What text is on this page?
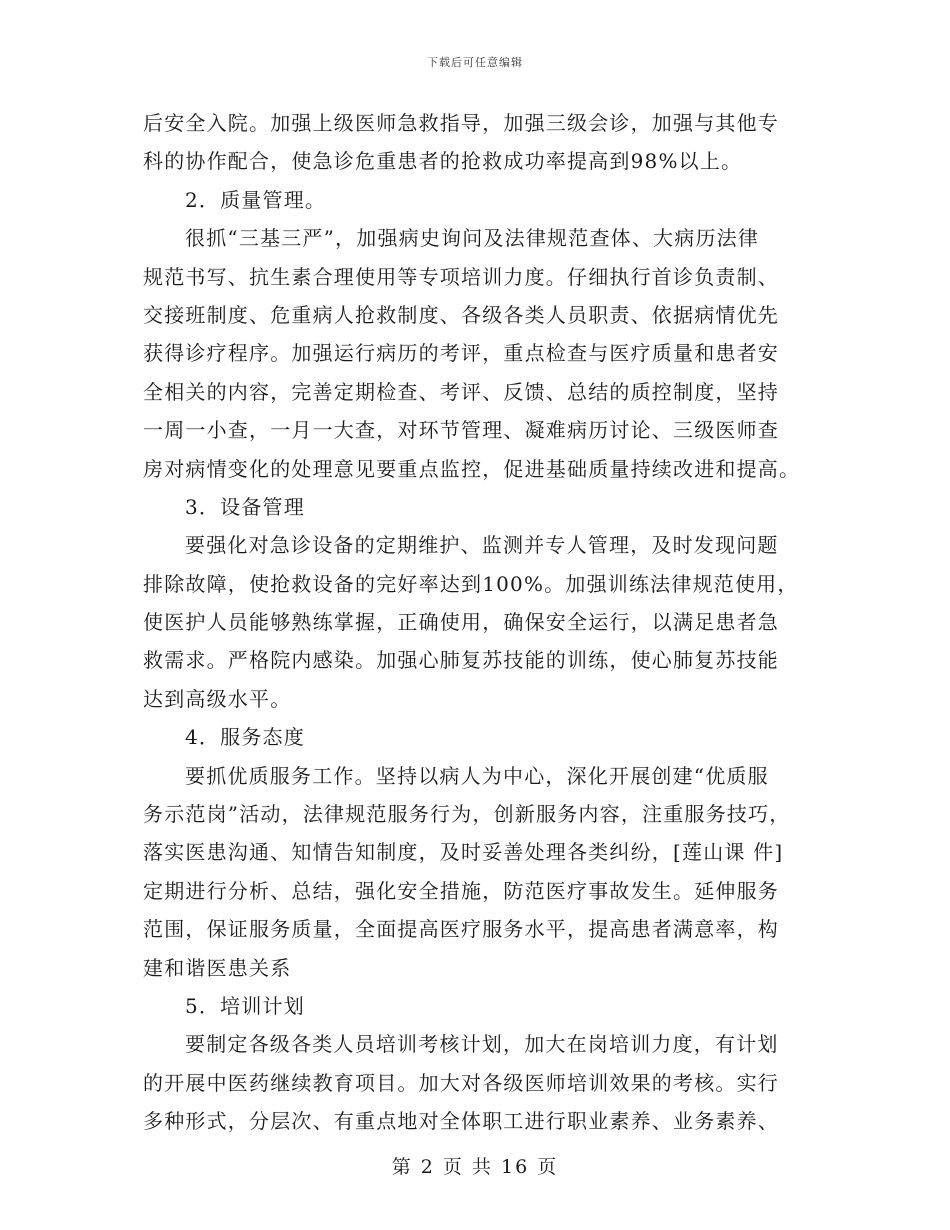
下载后可任意编辑
后安全入院。加强上级医师急救指导，加强三级会诊，加强与其他专
科的协作配合，使急诊危重患者的抢救成功率提高到98%以上。
2．质量管理。
很抓“三基三严”，加强病史询问及法律规范查体、大病历法律
规范书写、抗生素合理使用等专项培训力度。仔细执行首诊负责制、
交接班制度、危重病人抢救制度、各级各类人员职责、依据病情优先
获得诊疗程序。加强运行病历的考评，重点检查与医疗质量和患者安
全相关的内容，完善定期检查、考评、反馈、总结的质控制度，坚持
一周一小查，一月一大查，对环节管理、凝难病历讨论、三级医师查
房对病情变化的处理意见要重点监控，促进基础质量持续改进和提高。
3．设备管理
要强化对急诊设备的定期维护、监测并专人管理，及时发现问题
排除故障，使抢救设备的完好率达到100%。加强训练法律规范使用，
使医护人员能够熟练掌握，正确使用，确保安全运行，以满足患者急
救需求。严格院内感染。加强心肺复苏技能的训练，使心肺复苏技能
达到高级水平。
4．服务态度
要抓优质服务工作。坚持以病人为中心，深化开展创建“优质服
务示范岗”活动，法律规范服务行为，创新服务内容，注重服务技巧，
落实医患沟通、知情告知制度，及时妥善处理各类纠纷，[莲山课 件]
定期进行分析、总结，强化安全措施，防范医疗事故发生。延伸服务
范围，保证服务质量，全面提高医疗服务水平，提高患者满意率，构
建和谐医患关系
5．培训计划
要制定各级各类人员培训考核计划，加大在岗培训力度，有计划
的开展中医药继续教育项目。加大对各级医师培训效果的考核。实行
多种形式，分层次、有重点地对全体职工进行职业素养、业务素养、
第 2 页 共 16 页
